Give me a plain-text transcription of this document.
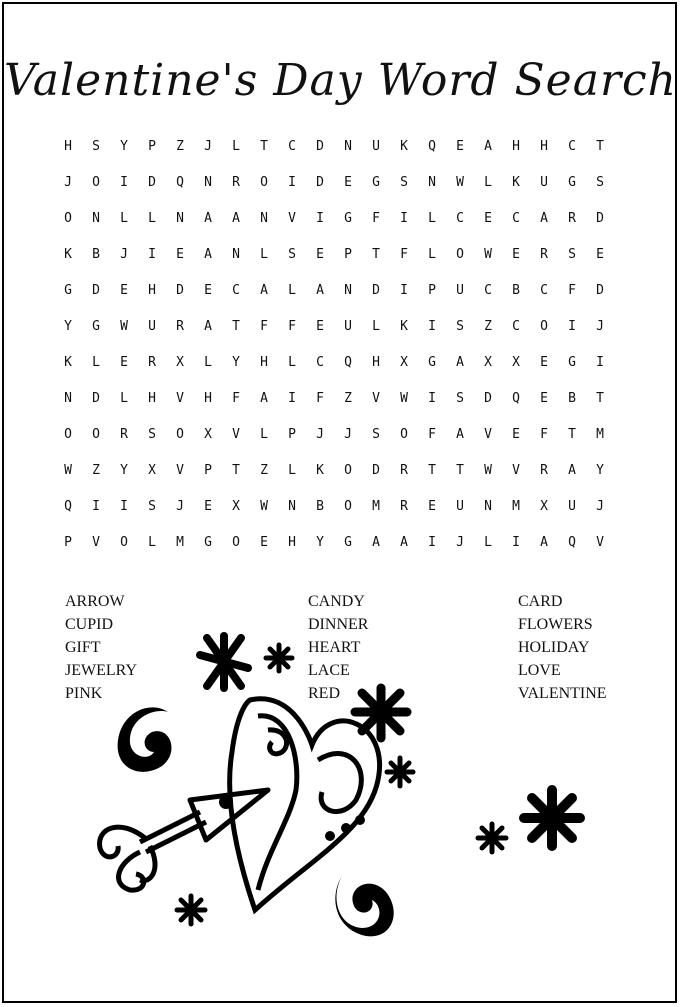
Valentine's Day Word Search
H	S	Y	P	Z	J	L	T	C	D	N	U	K	Q	E	A	H	H	C	T
J	O	I	D	Q	N	R	O	I	D	E	G	S	N	W	L	K	U	G	S
O	N	L	L	N	A	A	N	V	I	G	F	I	L	C	E	C	A	R	D
K	B	J	I	E	A	N	L	S	E	P	T	F	L	O	W	E	R	S	E
G	D	E	H	D	E	C	A	L	A	N	D	I	P	U	C	B	C	F	D
Y	G	W	U	R	A	T	F	F	E	U	L	K	I	S	Z	C	O	I	J
K	L	E	R	X	L	Y	H	L	C	Q	H	X	G	A	X	X	E	G	I
N	D	L	H	V	H	F	A	I	F	Z	V	W	I	S	D	Q	E	B	T
O	O	R	S	O	X	V	L	P	J	J	S	O	F	A	V	E	F	T	M
W	Z	Y	X	V	P	T	Z	L	K	O	D	R	T	T	W	V	R	A	Y
Q	I	I	S	J	E	X	W	N	B	O	M	R	E	U	N	M	X	U	J
P	V	O	L	M	G	O	E	H	Y	G	A	A	I	J	L	I	A	Q	V
ARROW
CUPID
GIFT
JEWELRY
PINK
CANDY
DINNER
HEART
LACE
RED
CARD
FLOWERS
HOLIDAY
LOVE
VALENTINE
